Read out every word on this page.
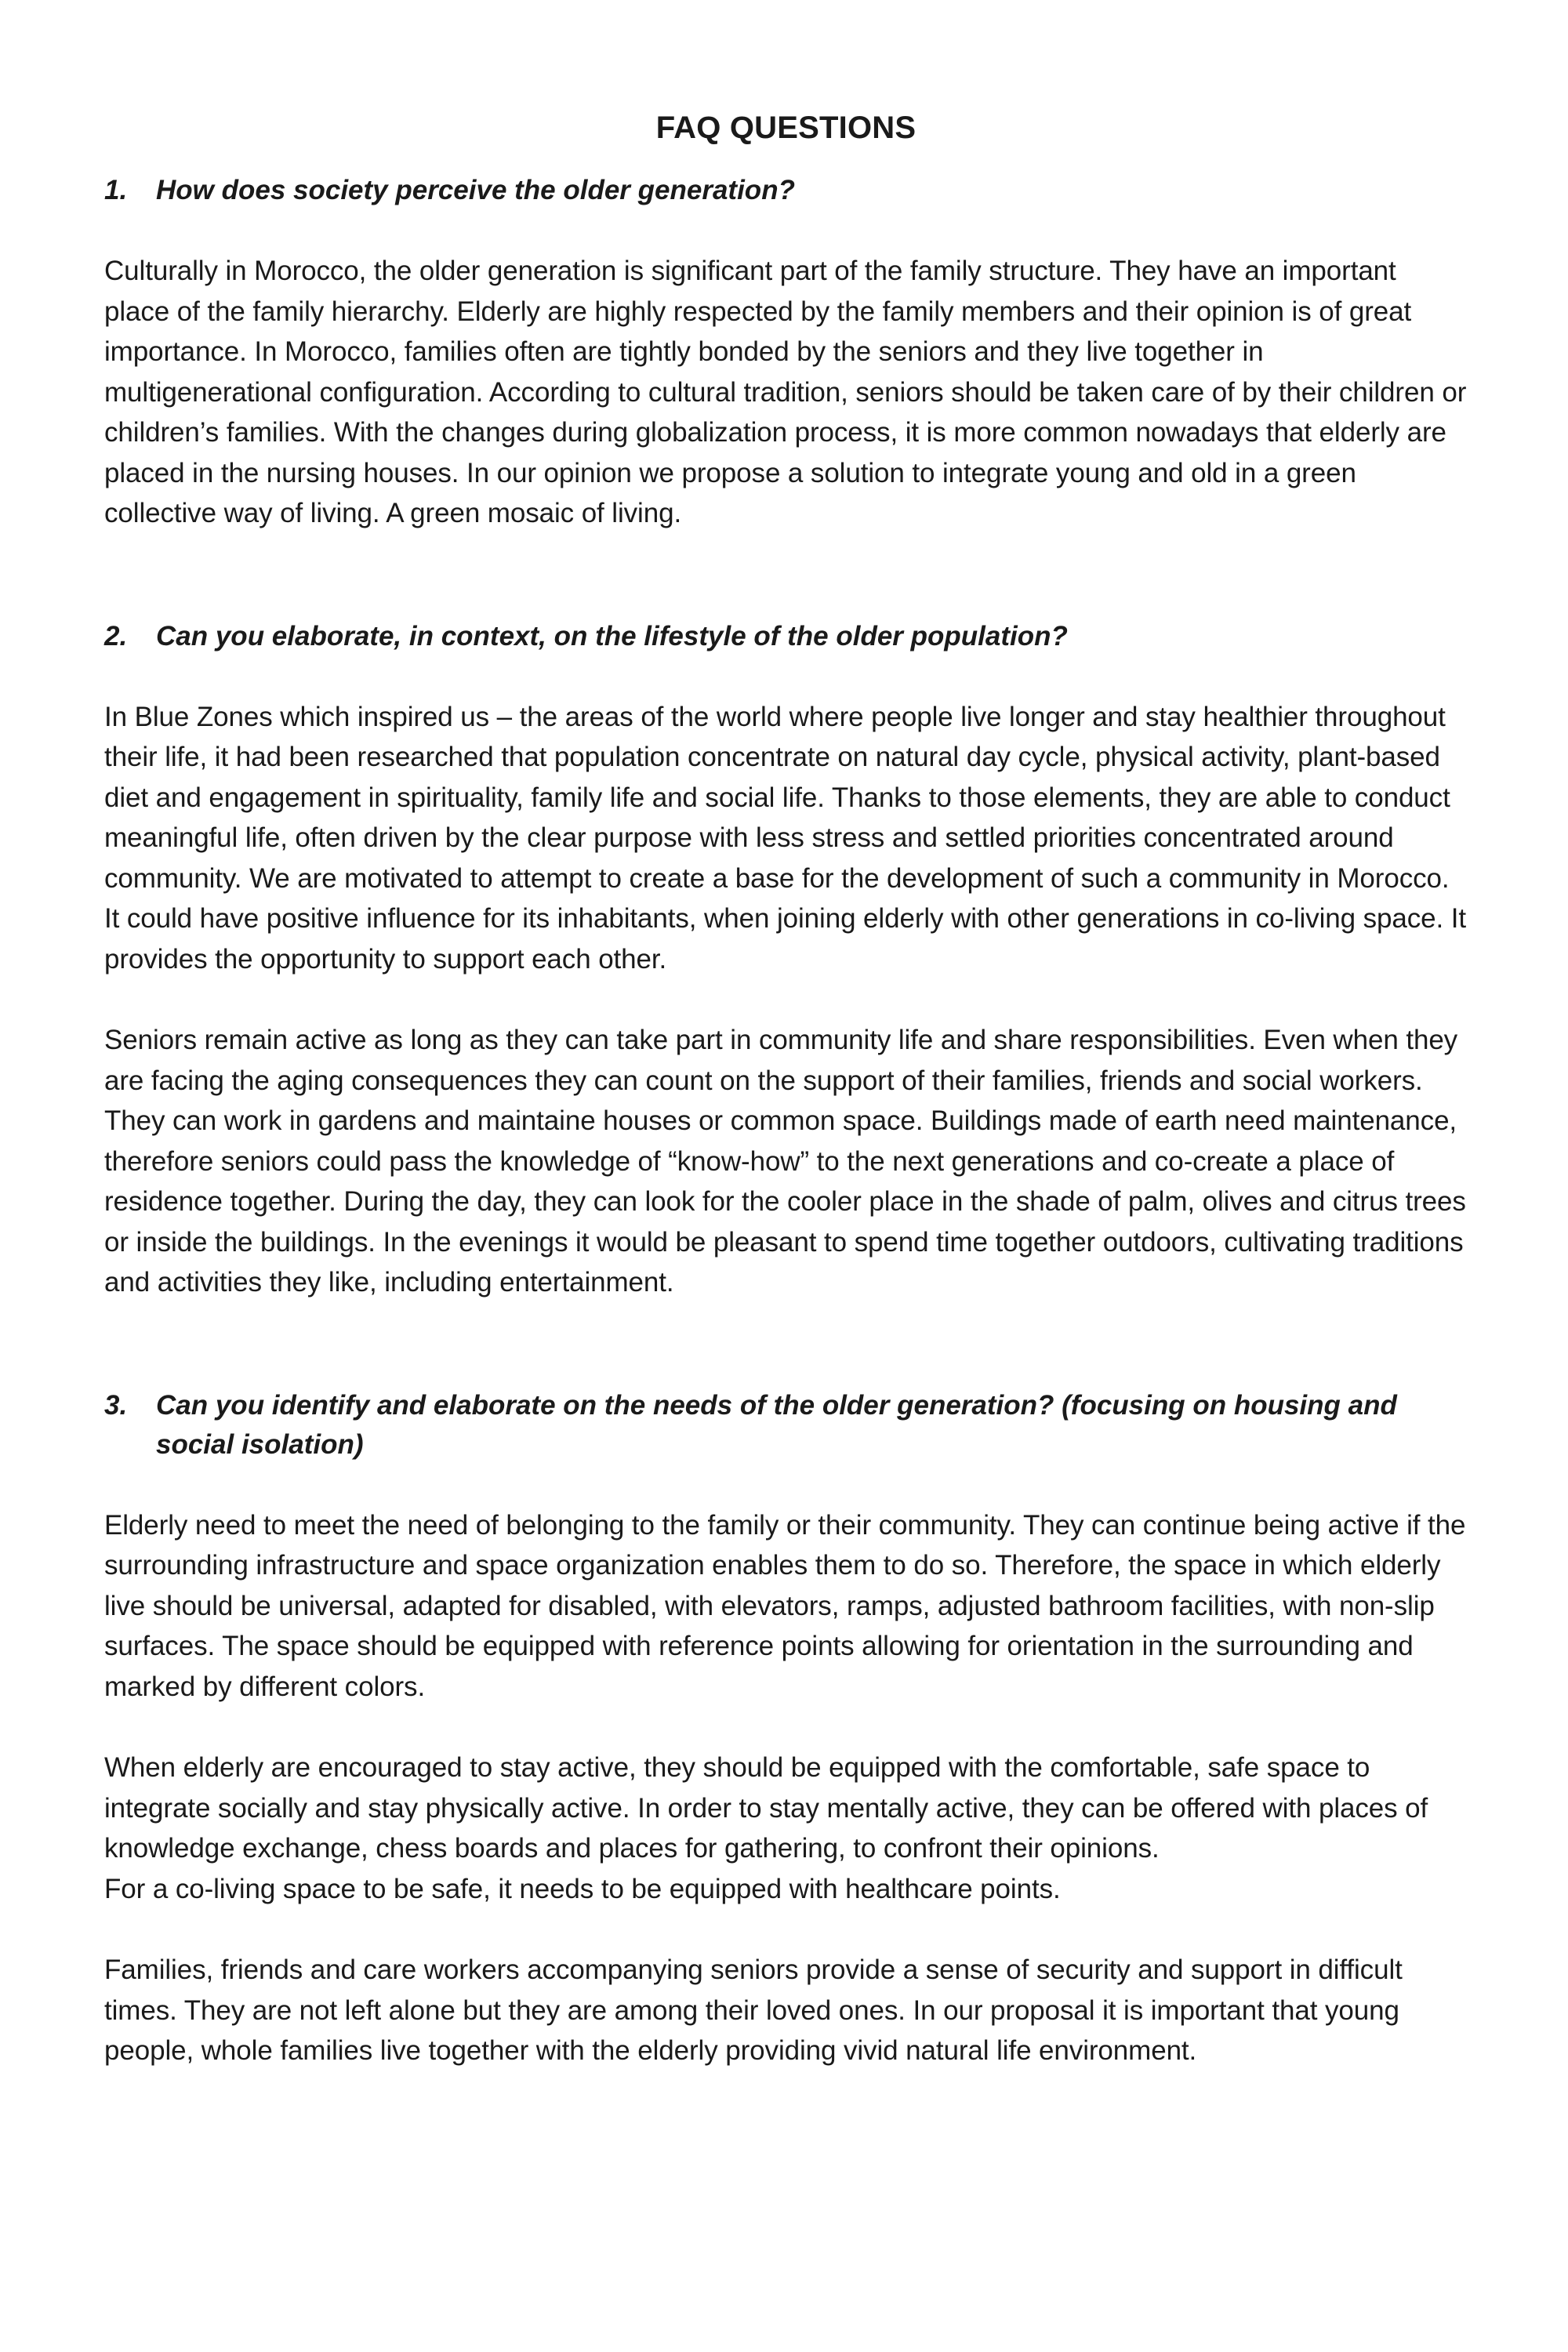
FAQ QUESTIONS
1.	How does society perceive the older generation?

Culturally in Morocco, the older generation is significant part of the family structure. They have an important place of the family hierarchy. Elderly are highly respected by the family members and their opinion is of great importance. In Morocco, families often are tightly bonded by the seniors and they live together in multigenerational configuration. According to cultural tradition, seniors should be taken care of by their children or children’s families. With the changes during globalization process, it is more common nowadays that elderly are placed in the nursing houses. In our opinion we propose a solution to integrate young and old in a green collective way of living. A green mosaic of living.

2.	Can you elaborate, in context, on the lifestyle of the older population?

In Blue Zones which inspired us – the areas of the world where people live longer and stay healthier throughout their life, it had been researched that population concentrate on natural day cycle, physical activity, plant-based diet and engagement in spirituality, family life and social life. Thanks to those elements, they are able to conduct meaningful life, often driven by the clear purpose with less stress and settled priorities concentrated around community. We are motivated to attempt to create a base for the development of such a community in Morocco. It could have positive influence for its inhabitants, when joining elderly with other generations in co-living space. It provides the opportunity to support each other.

Seniors remain active as long as they can take part in community life and share responsibilities. Even when they are facing the aging consequences they can count on the support of their families, friends and social workers. They can work in gardens and maintaine houses or common space. Buildings made of earth need maintenance, therefore seniors could pass the knowledge of “know-how” to the next generations and co-create a place of residence together. During the day, they can look for the cooler place in the shade of palm, olives and citrus trees or inside the buildings. In the evenings it would be pleasant to spend time together outdoors, cultivating traditions and activities they like, including entertainment.

3.	Can you identify and elaborate on the needs of the older generation? (focusing on housing and social isolation)

Elderly need to meet the need of belonging to the family or their community. They can continue being active if the surrounding infrastructure and space organization enables them to do so. Therefore, the space in which elderly live should be universal, adapted for disabled, with elevators, ramps, adjusted bathroom facilities, with non-slip surfaces. The space should be equipped with reference points allowing for orientation in the surrounding and marked by different colors.

When elderly are encouraged to stay active, they should be equipped with the comfortable, safe space to integrate socially and stay physically active. In order to stay mentally active, they can be offered with places of knowledge exchange, chess boards and places for gathering, to confront their opinions.

For a co-living space to be safe, it needs to be equipped with healthcare points.

Families, friends and care workers accompanying seniors provide a sense of security and support in difficult times. They are not left alone but they are among their loved ones. In our proposal it is important that young people, whole families live together with the elderly providing vivid natural life environment.
